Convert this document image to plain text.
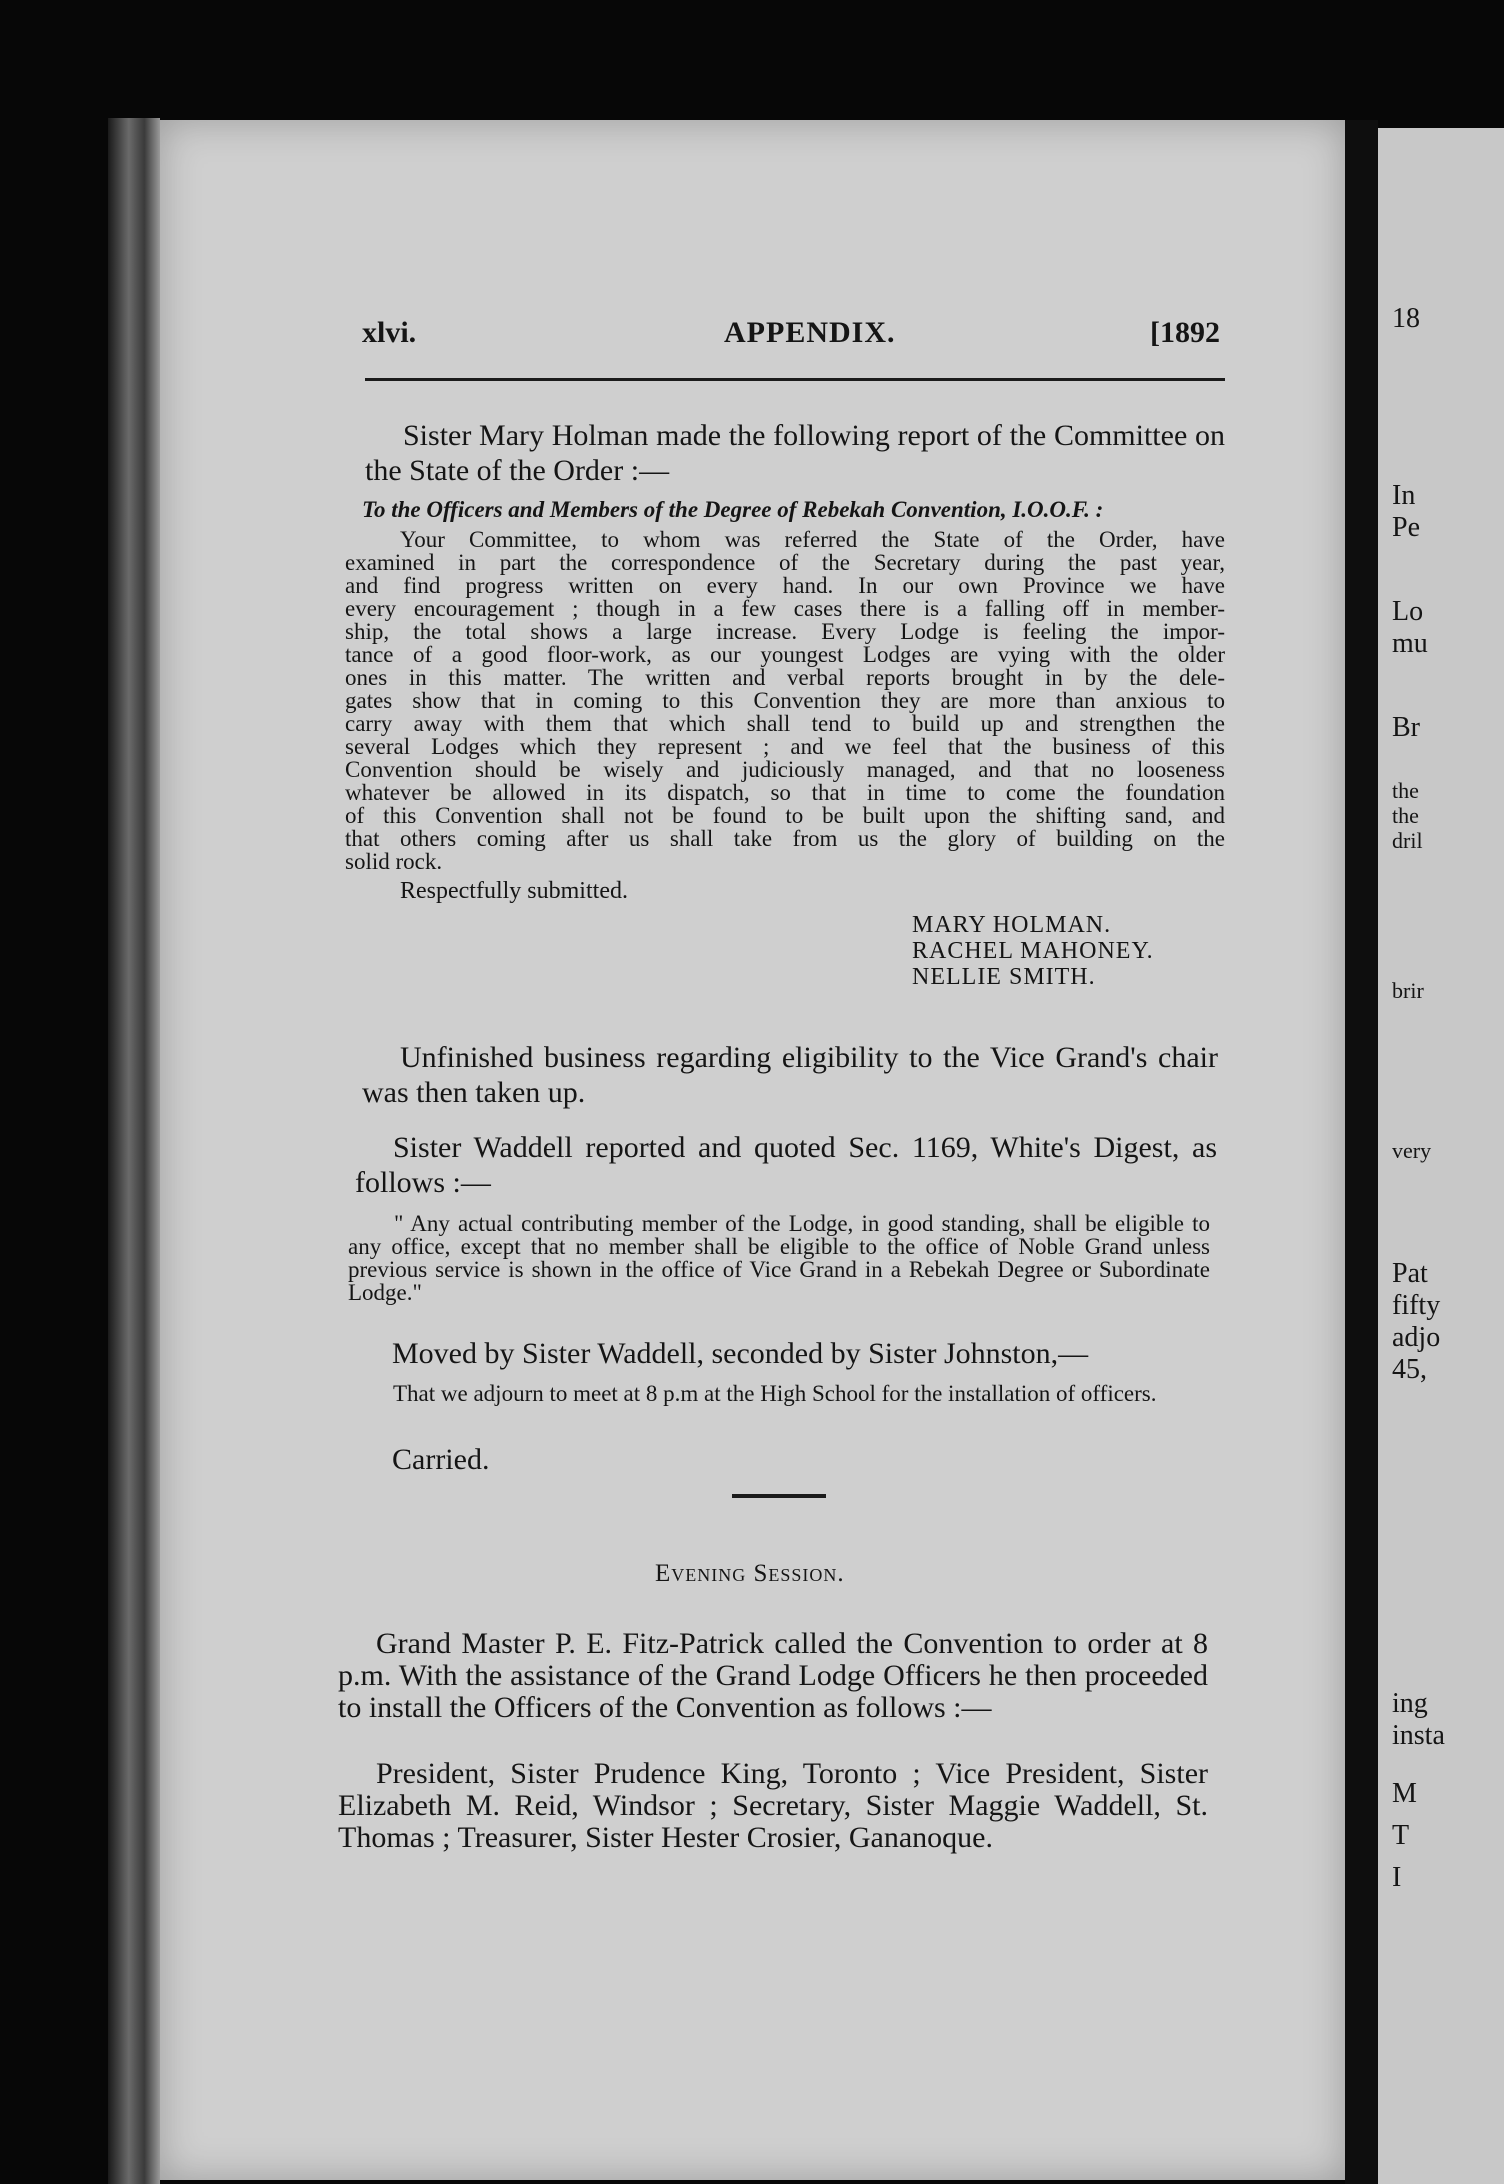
18
In
Pe
Lo
mu
Br
the
the
dril
brir
very
Pat
fifty
adjo
45,
ing
insta
M
T
I
xlvi.	APPENDIX.	[1892
Sister Mary Holman made the following report of the Committee on the State of the Order :—
To the Officers and Members of the Degree of Rebekah Convention, I.O.O.F. :
Your Committee, to whom was referred the State of the Order, have
examined in part the correspondence of the Secretary during the past year,
and find progress written on every hand. In our own Province we have
every encouragement ; though in a few cases there is a falling off in member-
ship, the total shows a large increase. Every Lodge is feeling the impor-
tance of a good floor-work, as our youngest Lodges are vying with the older
ones in this matter. The written and verbal reports brought in by the dele-
gates show that in coming to this Convention they are more than anxious to
carry away with them that which shall tend to build up and strengthen the
several Lodges which they represent ; and we feel that the business of this
Convention should be wisely and judiciously managed, and that no looseness
whatever be allowed in its dispatch, so that in time to come the foundation
of this Convention shall not be found to be built upon the shifting sand, and
that others coming after us shall take from us the glory of building on the
solid rock.
Respectfully submitted.
MARY HOLMAN.
RACHEL MAHONEY.
NELLIE SMITH.
Unfinished business regarding eligibility to the Vice Grand's chair was then taken up.
Sister Waddell reported and quoted Sec. 1169, White's Digest, as follows :—
" Any actual contributing member of the Lodge, in good standing, shall be eligible to any office, except that no member shall be eligible to the office of Noble Grand unless previous service is shown in the office of Vice Grand in a Rebekah Degree or Subordinate Lodge."
Moved by Sister Waddell, seconded by Sister Johnston,—
That we adjourn to meet at 8 p.m at the High School for the installation of officers.
Carried.
Evening Session.
Grand Master P. E. Fitz-Patrick called the Convention to order at 8 p.m. With the assistance of the Grand Lodge Officers he then proceeded to install the Officers of the Convention as follows :—
President, Sister Prudence King, Toronto ; Vice President, Sister Elizabeth M. Reid, Windsor ; Secretary, Sister Maggie Waddell, St. Thomas ; Treasurer, Sister Hester Crosier, Gananoque.
